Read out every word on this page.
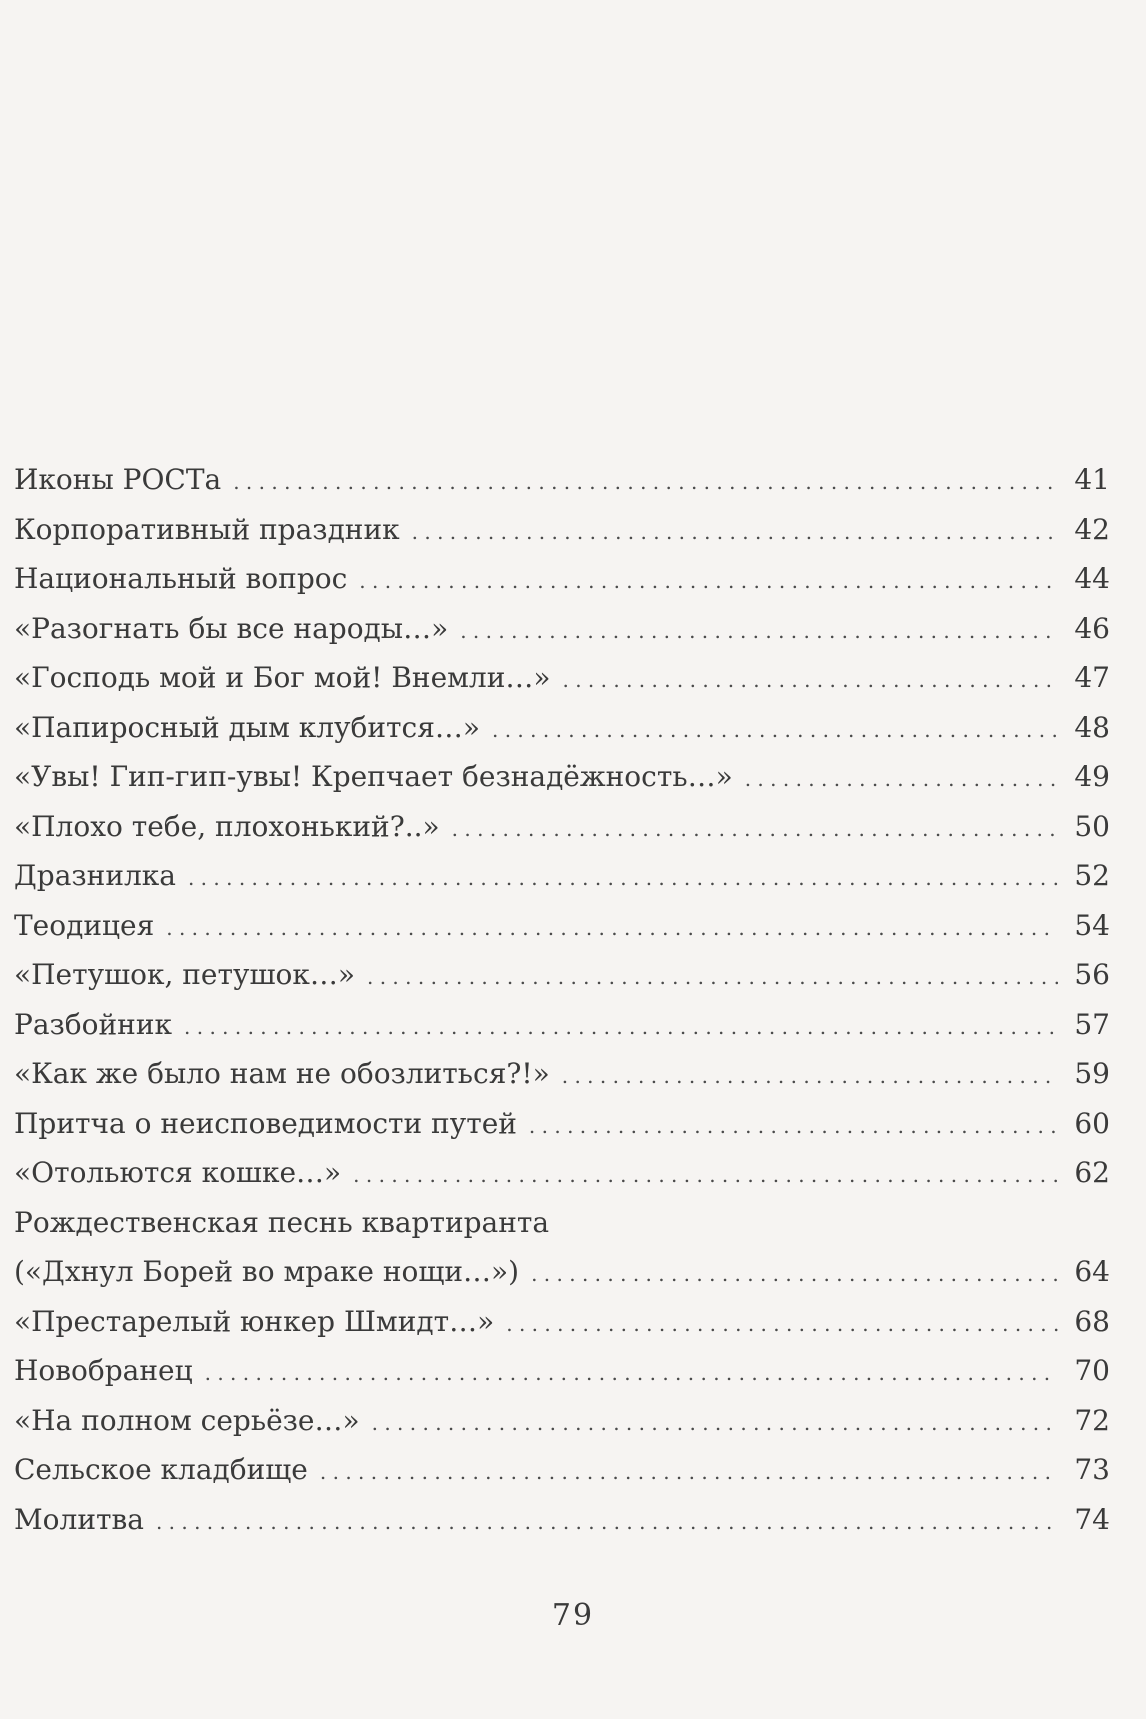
Иконы РОСТа . . .	41
Корпоративный праздник . . .	42
Национальный вопрос . . .	44
«Разогнать бы все народы…» . . .	46
«Господь мой и Бог мой! Внемли…» . . .	47
«Папиросный дым клубится…» . . .	48
«Увы! Гип-гип-увы! Крепчает безнадёжность…» . . .	49
«Плохо тебе, плохонький?..» . . .	50
Дразнилка . . .	52
Теодицея . . .	54
«Петушок, петушок…» . . .	56
Разбойник . . .	57
«Как же было нам не обозлиться?!» . . .	59
Притча о неисповедимости путей . . .	60
«Отольются кошке…» . . .	62
Рождественская песнь квартиранта
(«Дхнул Борей во мраке нощи…») . . .	64
«Престарелый юнкер Шмидт…» . . .	68
Новобранец . . .	70
«На полном серьёзе…» . . .	72
Сельское кладбище . . .	73
Молитва . . .	74
79
